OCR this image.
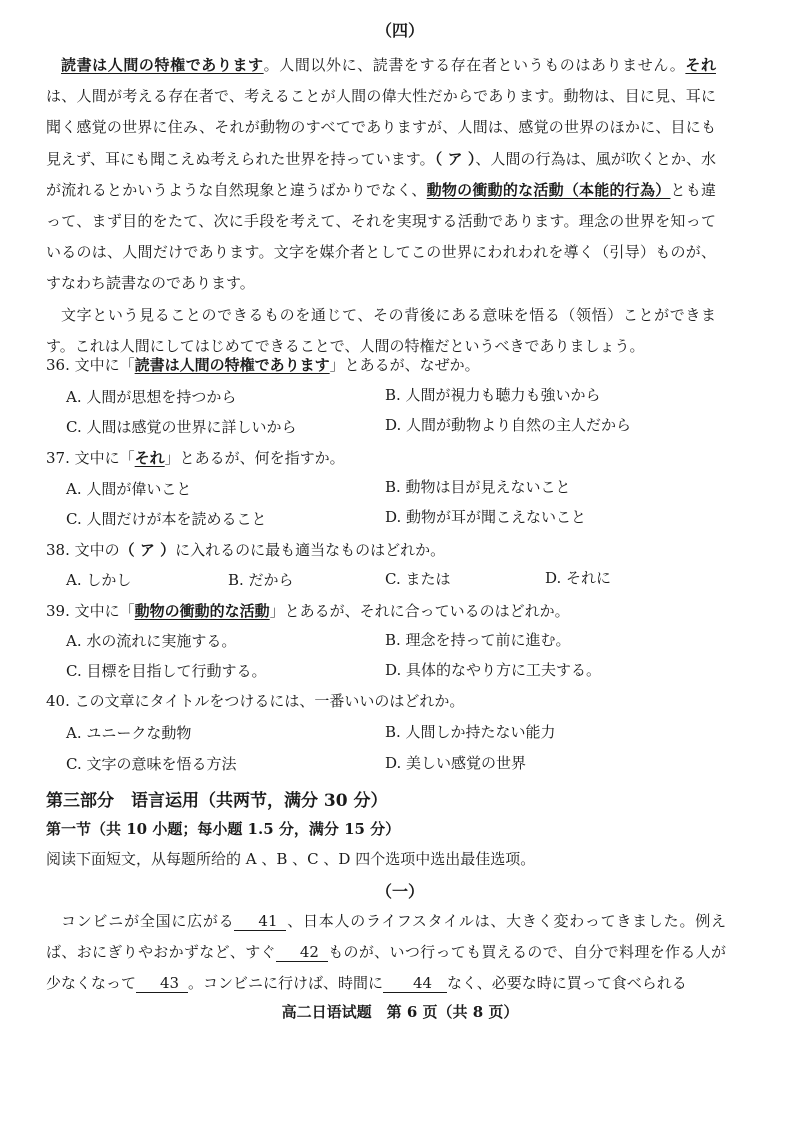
（四）

読書は人間の特権であります。人間以外に、読書をする存在者というものはありません。それは、人間が考える存在者で、考えることが人間の偉大性だからであります。動物は、目に見、耳に聞く感覚の世界に住み、それが動物のすべてでありますが、人間は、感覚の世界のほかに、目にも見えず、耳にも聞こえぬ考えられた世界を持っています。（ ア ）、人間の行為は、風が吹くとか、水が流れるとかいうような自然現象と違うばかりでなく、動物の衝動的な活動（本能的行為）とも違って、まず目的をたて、次に手段を考えて、それを実現する活動であります。理念の世界を知っているのは、人間だけであります。文字を媒介者としてこの世界にわれわれを導く（引导）ものが、すなわち読書なのであります。

文字という見ることのできるものを通じて、その背後にある意味を悟る（领悟）ことができます。これは人間にしてはじめてできることで、人間の特権だというべきでありましょう。

36. 文中に「読書は人間の特権であります」とあるが、なぜか。
A. 人間が思想を持つから	B. 人間が視力も聴力も強いから
C. 人間は感覚の世界に詳しいから	D. 人間が動物より自然の主人だから
37. 文中に「それ」とあるが、何を指すか。
A. 人間が偉いこと	B. 動物は目が見えないこと
C. 人間だけが本を読めること	D. 動物が耳が聞こえないこと
38. 文中の（ ア ）に入れるのに最も適当なものはどれか。
A. しかし	B. だから	C. または	D. それに
39. 文中に「動物の衝動的な活動」とあるが、それに合っているのはどれか。
A. 水の流れに実施する。	B. 理念を持って前に進む。
C. 目標を目指して行動する。	D. 具体的なやり方に工夫する。
40. この文章にタイトルをつけるには、一番いいのはどれか。
A. ユニークな動物	B. 人間しか持たない能力
C. 文字の意味を悟る方法	D. 美しい感覚の世界
第三部分　语言运用（共两节，满分 30 分）
第一节（共 10 小题；每小题 1.5 分，满分 15 分）
阅读下面短文，从每题所给的 A 、B 、C 、D 四个选项中选出最佳选项。
（一）

コンビニが全国に広がる 41 、日本人のライフスタイルは、大きく変わってきました。例えば、おにぎりやおかずなど、すぐ 42 ものが、いつ行っても買えるので、自分で料理を作る人が少なくなって 43 。コンビニに行けば、時間に 44 なく、必要な時に買って食べられる

高二日语试题　第 6 页（共 8 页）
